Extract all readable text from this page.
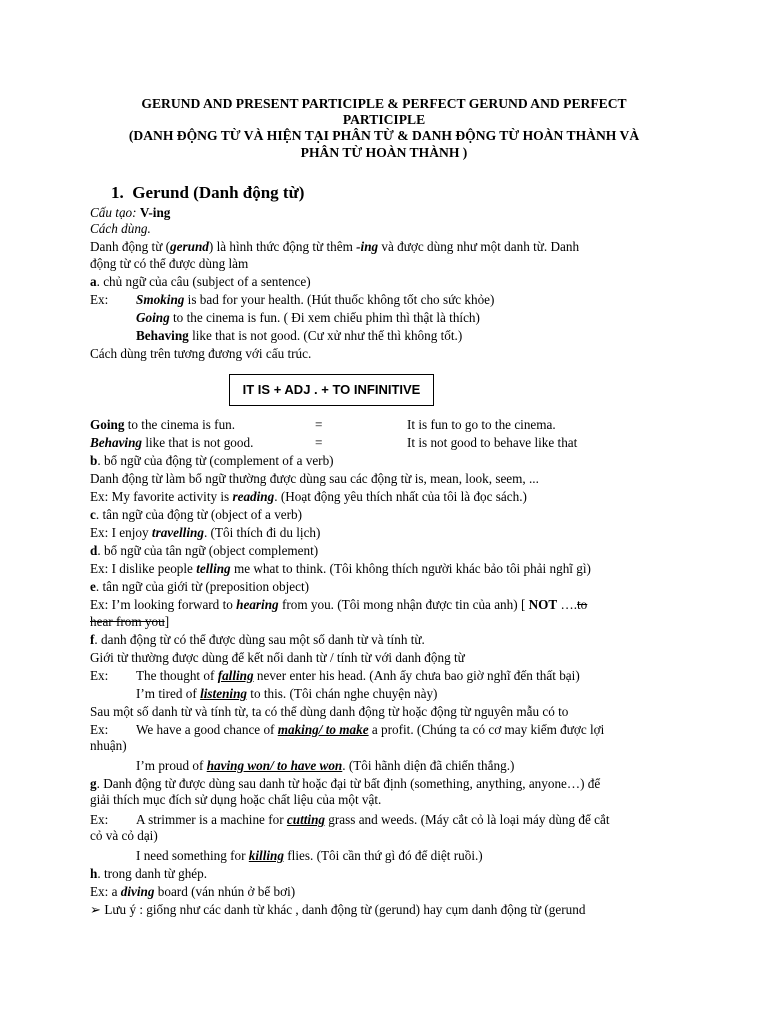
GERUND AND PRESENT PARTICIPLE & PERFECT GERUND AND PERFECT
PARTICIPLE
(DANH ĐỘNG TỪ VÀ HIỆN TẠI PHÂN TỪ & DANH ĐỘNG TỪ HOÀN THÀNH VÀ
PHÂN TỪ HOÀN THÀNH )
1. Gerund (Danh động từ)
Cấu tạo: V-ing
Cách dùng.
Danh động từ (gerund) là hình thức động từ thêm -ing và được dùng như một danh từ. Danh
động từ có thể được dùng làm
a. chủ ngữ của câu (subject of a sentence)
Ex: Smoking is bad for your health. (Hút thuốc không tốt cho sức khỏe)
Going to the cinema is fun. ( Đi xem chiếu phim thì thật là thích)
Behaving like that is not good. (Cư xử như thế thì không tốt.)
Cách dùng trên tương đương với cấu trúc.
IT IS + ADJ . + TO INFINITIVE
Going to the cinema is fun.	=	It is fun to go to the cinema.
Behaving like that is not good.	=	It is not good to behave like that
b. bổ ngữ của động từ (complement of a verb)
Danh động từ làm bổ ngữ thường được dùng sau các động từ is, mean, look, seem, ...
Ex: My favorite activity is reading. (Hoạt động yêu thích nhất của tôi là đọc sách.)
c. tân ngữ của động từ (object of a verb)
Ex: I enjoy travelling. (Tôi thích đi du lịch)
d. bổ ngữ của tân ngữ (object complement)
Ex: I dislike people telling me what to think. (Tôi không thích người khác bảo tôi phải nghĩ gì)
e. tân ngữ của giới từ (preposition object)
Ex: I’m looking forward to hearing from you. (Tôi mong nhận được tin của anh) [ NOT ….to
hear from you]
f. danh động từ có thể được dùng sau một số danh từ và tính từ.
Giới từ thường được dùng để kết nối danh từ / tính từ với danh động từ
Ex: The thought of falling never enter his head. (Anh ấy chưa bao giờ nghĩ đến thất bại)
I’m tired of listening to this. (Tôi chán nghe chuyện này)
Sau một số danh từ và tính từ, ta có thể dùng danh động từ hoặc động từ nguyên mẫu có to
Ex: We have a good chance of making/ to make a profit. (Chúng ta có cơ may kiếm được lợi
nhuận)
I’m proud of having won/ to have won. (Tôi hãnh diện đã chiến thắng.)
g. Danh động từ được dùng sau danh từ hoặc đại từ bất định (something, anything, anyone…) để
giải thích mục đích sử dụng hoặc chất liệu của một vật.
Ex: A strimmer is a machine for cutting grass and weeds. (Máy cắt cỏ là loại máy dùng để cắt
cỏ và cỏ dại)
I need something for killing flies. (Tôi cần thứ gì đó để diệt ruồi.)
h. trong danh từ ghép.
Ex: a diving board (ván nhún ở bể bơi)
➢ Lưu ý : giống như các danh từ khác , danh động từ (gerund) hay cụm danh động từ (gerund
